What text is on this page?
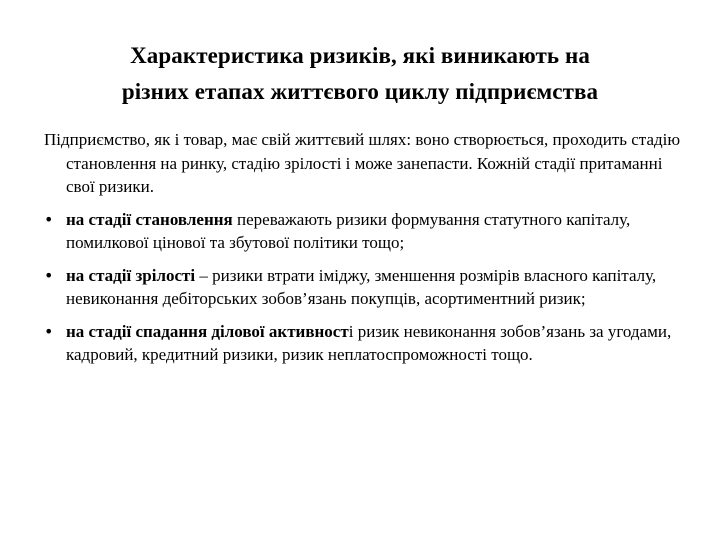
Характеристика ризиків, які виникають на
різних етапах життєвого циклу підприємства

Підприємство, як і товар, має свій життєвий шлях: воно створюється, проходить стадію становлення на ринку, стадію зрілості і може занепасти. Кожній стадії притаманні свої ризики.

• на стадії становлення переважають ризики формування статутного капіталу, помилкової цінової та збутової політики тощо;
• на стадії зрілості – ризики втрати іміджу, зменшення розмірів власного капіталу, невиконання дебіторських зобов’язань покупців, асортиментний ризик;
• на стадії спадання ділової активності ризик невиконання зобов’язань за угодами, кадровий, кредитний ризики, ризик неплатоспроможності тощо.
